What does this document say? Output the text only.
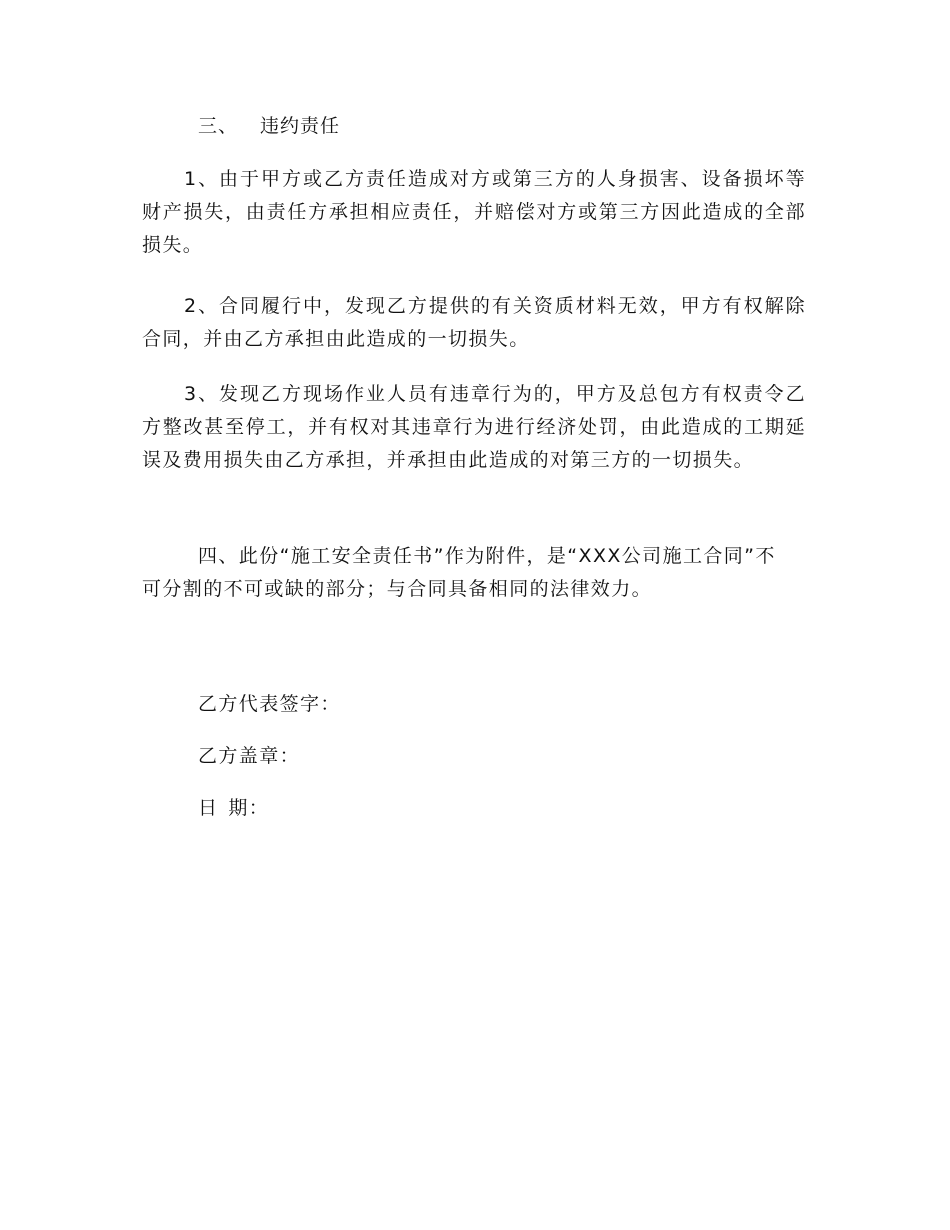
三、 违约责任

1、由于甲方或乙方责任造成对方或第三方的人身损害、设备损坏等财产损失，由责任方承担相应责任，并赔偿对方或第三方因此造成的全部损失。

2、合同履行中，发现乙方提供的有关资质材料无效，甲方有权解除合同，并由乙方承担由此造成的一切损失。

3、发现乙方现场作业人员有违章行为的，甲方及总包方有权责令乙方整改甚至停工，并有权对其违章行为进行经济处罚，由此造成的工期延误及费用损失由乙方承担，并承担由此造成的对第三方的一切损失。

四、此份“施工安全责任书”作为附件，是“XXX公司施工合同”不可分割的不可或缺的部分；与合同具备相同的法律效力。

乙方代表签字：
乙方盖章：
日 期：
